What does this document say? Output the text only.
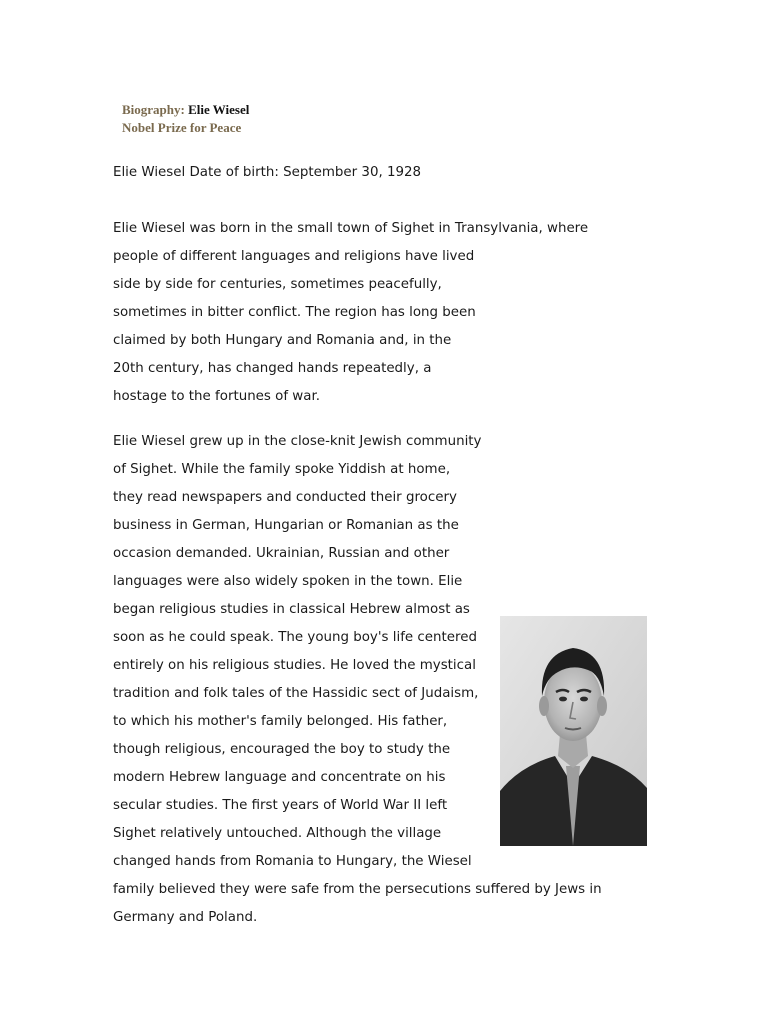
Biography: Elie Wiesel
Nobel Prize for Peace

Elie Wiesel Date of birth: September 30, 1928

Elie Wiesel was born in the small town of Sighet in Transylvania, where
people of different languages and religions have lived
side by side for centuries, sometimes peacefully,
sometimes in bitter conflict. The region has long been
claimed by both Hungary and Romania and, in the
20th century, has changed hands repeatedly, a
hostage to the fortunes of war.

Elie Wiesel grew up in the close-knit Jewish community
of Sighet. While the family spoke Yiddish at home,
they read newspapers and conducted their grocery
business in German, Hungarian or Romanian as the
occasion demanded. Ukrainian, Russian and other
languages were also widely spoken in the town. Elie
began religious studies in classical Hebrew almost as
soon as he could speak. The young boy's life centered
entirely on his religious studies. He loved the mystical
tradition and folk tales of the Hassidic sect of Judaism,
to which his mother's family belonged. His father,
though religious, encouraged the boy to study the
modern Hebrew language and concentrate on his
secular studies. The first years of World War II left
Sighet relatively untouched. Although the village
changed hands from Romania to Hungary, the Wiesel
family believed they were safe from the persecutions suffered by Jews in
Germany and Poland.
